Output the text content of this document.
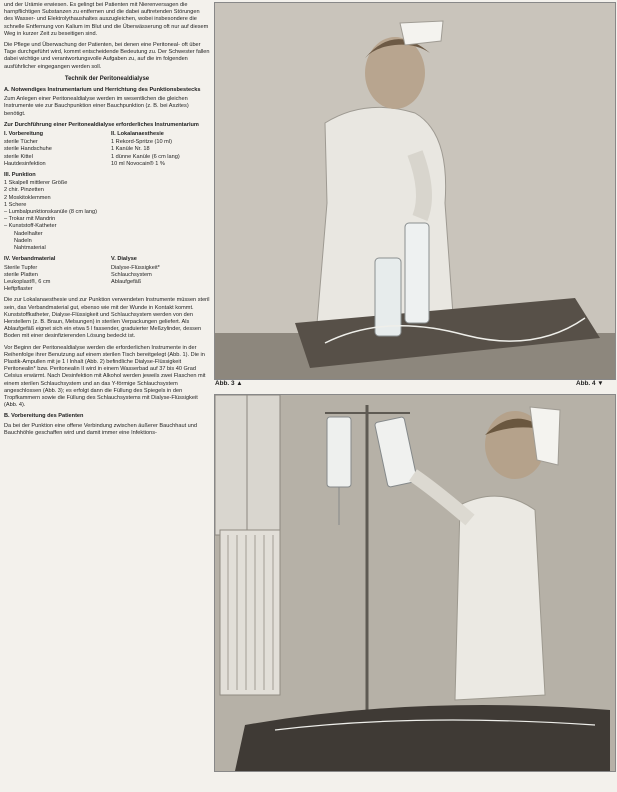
und der Urämie erwiesen. Es gelingt bei Patienten mit Nierenversagen die harnpflichtigen Substanzen zu entfernen und die dabei auftretenden Störungen des Wasser- und Elektrolythaushaltes auszugleichen, wobei insbesondere die schnelle Entfernung von Kalium im Blut und die Überwässerung oft nur auf diesem Weg in kurzer Zeit zu beseitigen sind.

Die Pflege und Überwachung der Patienten, bei denen eine Peritoneal- oft über Tage durchgeführt wird, kommt entscheidende Bedeutung zu. Der Schwester fallen dabei wichtige und verantwortungsvolle Aufgaben zu, auf die im folgenden ausführlicher eingegangen werden soll.

Technik der Peritonealdialyse
A. Notwendiges Instrumentarium und Herrichtung des Punktionsbestecks

Zum Anlegen einer Peritonealdialyse werden im wesentlichen die gleichen Instrumente wie zur Bauchpunktion einer Bauchpunktion (z. B. bei Aszites) benötigt.

Zur Durchführung einer Peritonealdialyse erforderliches Instrumentarium
I. Vorbereitung
sterile Tücher
sterile Handschuhe
sterile Kittel
Hautdesinfektion
II. Lokalanaesthesie
1 Rekord-Spritze (10 ml)
1 Kanüle Nr. 18
1 dünne Kanüle (6 cm lang)
10 ml Novocain® 1 %
III. Punktion
1 Skalpell mittlerer Größe
2 chir. Pinzetten
2 Moskitoklemmen
1 Schere
– Lumbalpunktionskanüle (8 cm lang)
– Trokar mit Mandrin
– Kunststoff-Katheter
Nadelhalter
Nadeln
Nahtmaterial
IV. Verbandmaterial
Sterile Tupfer
sterile Platten
Leukoplast®, 6 cm
Heftpflaster
V. Dialyse
Dialyse-Flüssigkeit*
Schlauchsystem
Ablaufgefäß

Die zur Lokalanaesthesie und zur Punktion verwendeten Instrumente müssen steril sein, das Verbandmaterial gut, ebenso wie mit der Wunde in Kontakt kommt. Kunststoffkatheter, Dialyse-Flüssigkeit und Schlauchsystem werden von den Herstellern (z. B. Braun, Melsungen) in sterilen Verpackungen geliefert. Als Ablaufgefäß eignet sich ein etwa 5 l fassender, graduierter Meßzylinder, dessen Boden mit einer desinfizierenden Lösung bedeckt ist.

Vor Beginn der Peritonealdialyse werden die erforderlichen Instrumente in der Reihenfolge ihrer Benutzung auf einem sterilen Tisch bereitgelegt (Abb. 1). Die in Plastik-Ampullen mit je 1 l Inhalt (Abb. 2) befindliche Dialyse-Flüssigkeit Peritonealin* bzw. Peritonealin II wird in einem Wasserbad auf 37 bis 40 Grad Celsius erwärmt. Nach Desinfektion mit Alkohol werden jeweils zwei Flaschen mit einem sterilen Schlauchsystem und an das Y-förmige Schlauchsystem angeschlossen (Abb. 3); es erfolgt dann die Füllung des Spiegels in den Tropfkammern sowie die Füllung des Schlauchsystems mit Dialyse-Flüssigkeit (Abb. 4).

B. Vorbereitung des Patienten

Da bei der Punktion eine offene Verbindung zwischen äußerer Bauchhaut und Bauchhöhle geschaffen wird und damit immer eine Infektions-

Abb. 3 ▲	Abb. 4 ▼
